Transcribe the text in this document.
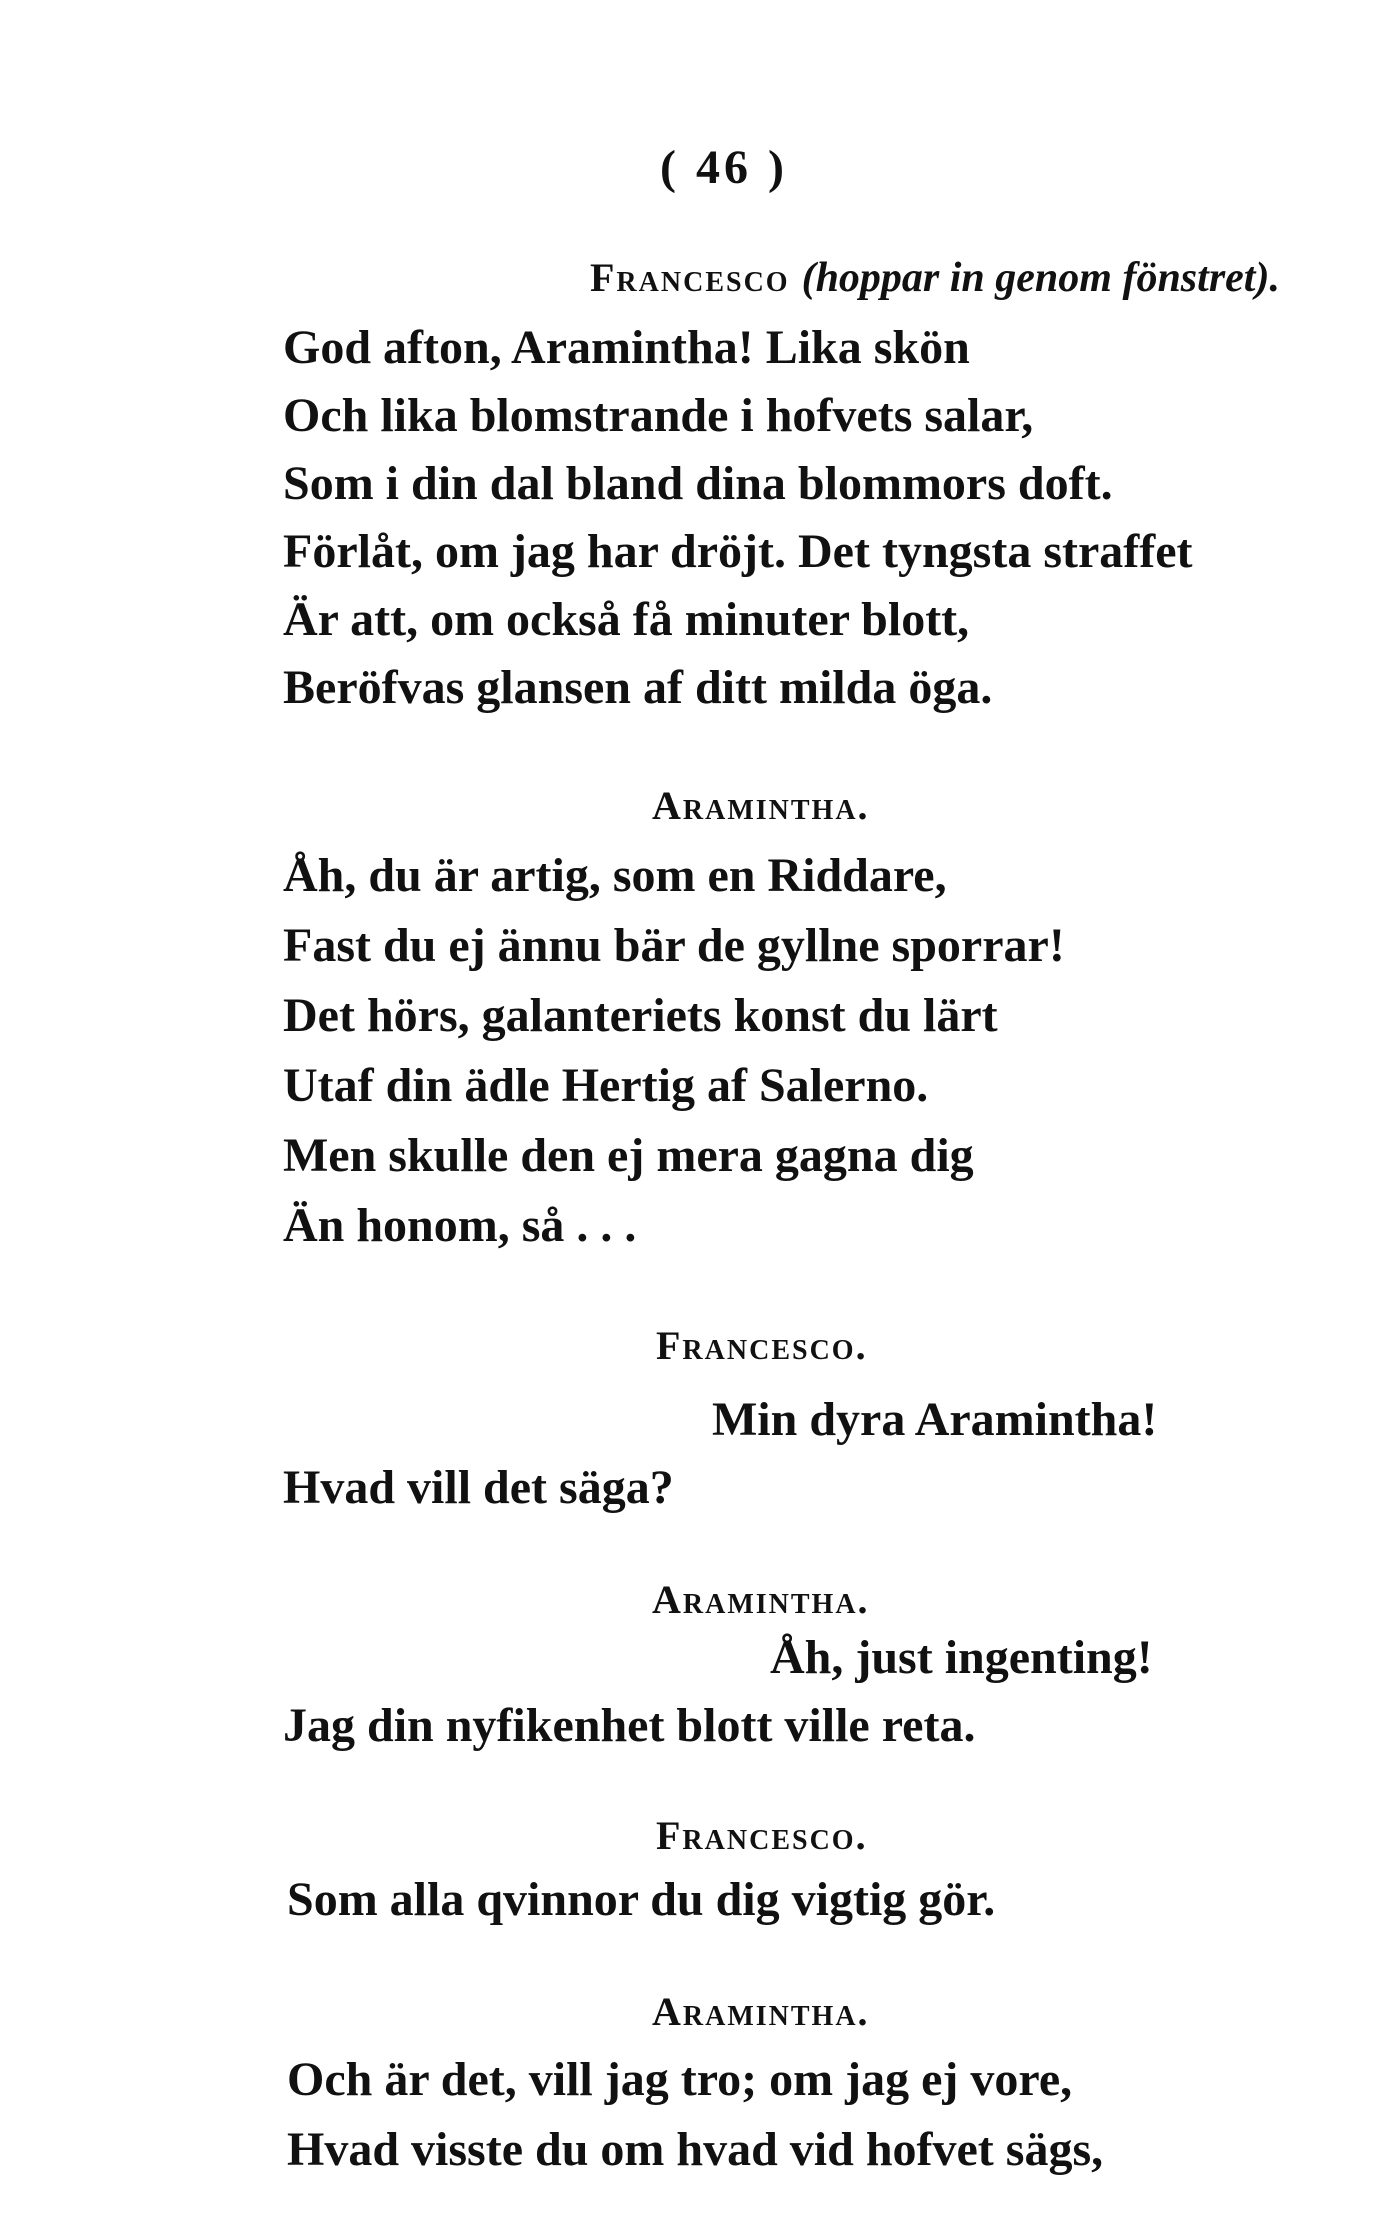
( 46 )
Francesco (hoppar in genom fönstret).
God afton, Araminthа! Lika skön
Och lika blomstrande i hofvets salar,
Som i din dal bland dina blommors doft.
Förlåt, om jag har dröjt. Det tyngsta straffet
Är att, om också få minuter blott,
Beröfvas glansen af ditt milda öga.
Araminthа.
Åh, du är artig, som en Riddare,
Fast du ej ännu bär de gyllne sporrar!
Det hörs, galanteriets konst du lärt
Utaf din ädle Hertig af Salerno.
Men skulle den ej mera gagna dig
Än honom, så . . .
Francesco.
Min dyra Araminthа!
Hvad vill det säga?
Araminthа.
Åh, just ingenting!
Jag din nyfikenhet blott ville reta.
Francesco.
Som alla qvinnor du dig vigtig gör.
Araminthа.
Och är det, vill jag tro; om jag ej vore,
Hvad visste du om hvad vid hofvet sägs,
